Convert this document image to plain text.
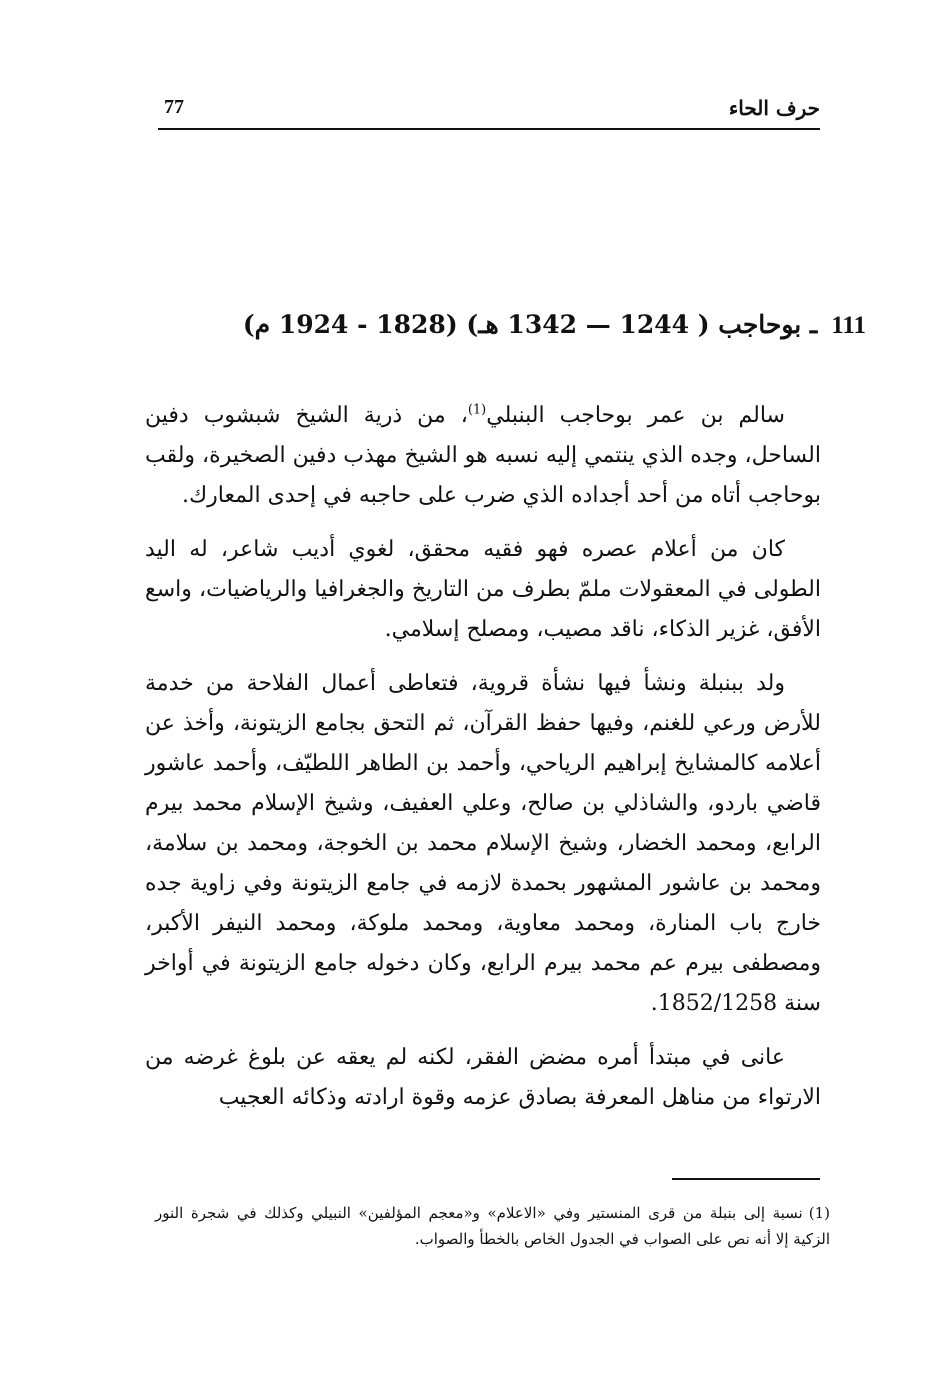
حرف الحاء
77
111ـ بوحاجب ( 1244 — 1342 هـ) (1828 - 1924 م)

سالم بن عمر بوحاجب البنبلي$^{(1)}$، من ذرية الشيخ شبشوب دفين الساحل، وجده الذي ينتمي إليه نسبه هو الشيخ مهذب دفين الصخيرة، ولقب بوحاجب أتاه من أحد أجداده الذي ضرب على حاجبه في إحدى المعارك.

كان من أعلام عصره فهو فقيه محقق، لغوي أديب شاعر، له اليد الطولى في المعقولات ملمّ بطرف من التاريخ والجغرافيا والرياضيات، واسع الأفق، غزير الذكاء، ناقد مصيب، ومصلح إسلامي.

ولد ببنبلة ونشأ فيها نشأة قروية، فتعاطى أعمال الفلاحة من خدمة للأرض ورعي للغنم، وفيها حفظ القرآن، ثم التحق بجامع الزيتونة، وأخذ عن أعلامه كالمشايخ إبراهيم الرياحي، وأحمد بن الطاهر اللطيّف، وأحمد عاشور قاضي باردو، والشاذلي بن صالح، وعلي العفيف، وشيخ الإسلام محمد بيرم الرابع، ومحمد الخضار، وشيخ الإسلام محمد بن الخوجة، ومحمد بن سلامة، ومحمد بن عاشور المشهور بحمدة لازمه في جامع الزيتونة وفي زاوية جده خارج باب المنارة، ومحمد معاوية، ومحمد ملوكة، ومحمد النيفر الأكبر، ومصطفى بيرم عم محمد بيرم الرابع، وكان دخوله جامع الزيتونة في أواخر سنة 1852/1258.

عانى في مبتدأ أمره مضض الفقر، لكنه لم يعقه عن بلوغ غرضه من الارتواء من مناهل المعرفة بصادق عزمه وقوة ارادته وذكائه العجيب

(1)نسبة إلى بنبلة من قرى المنستير وفي «الاعلام» و«معجم المؤلفين» النبيلي وكذلك في شجرة النور الزكية إلا أنه نص على الصواب في الجدول الخاص بالخطأ والصواب.
